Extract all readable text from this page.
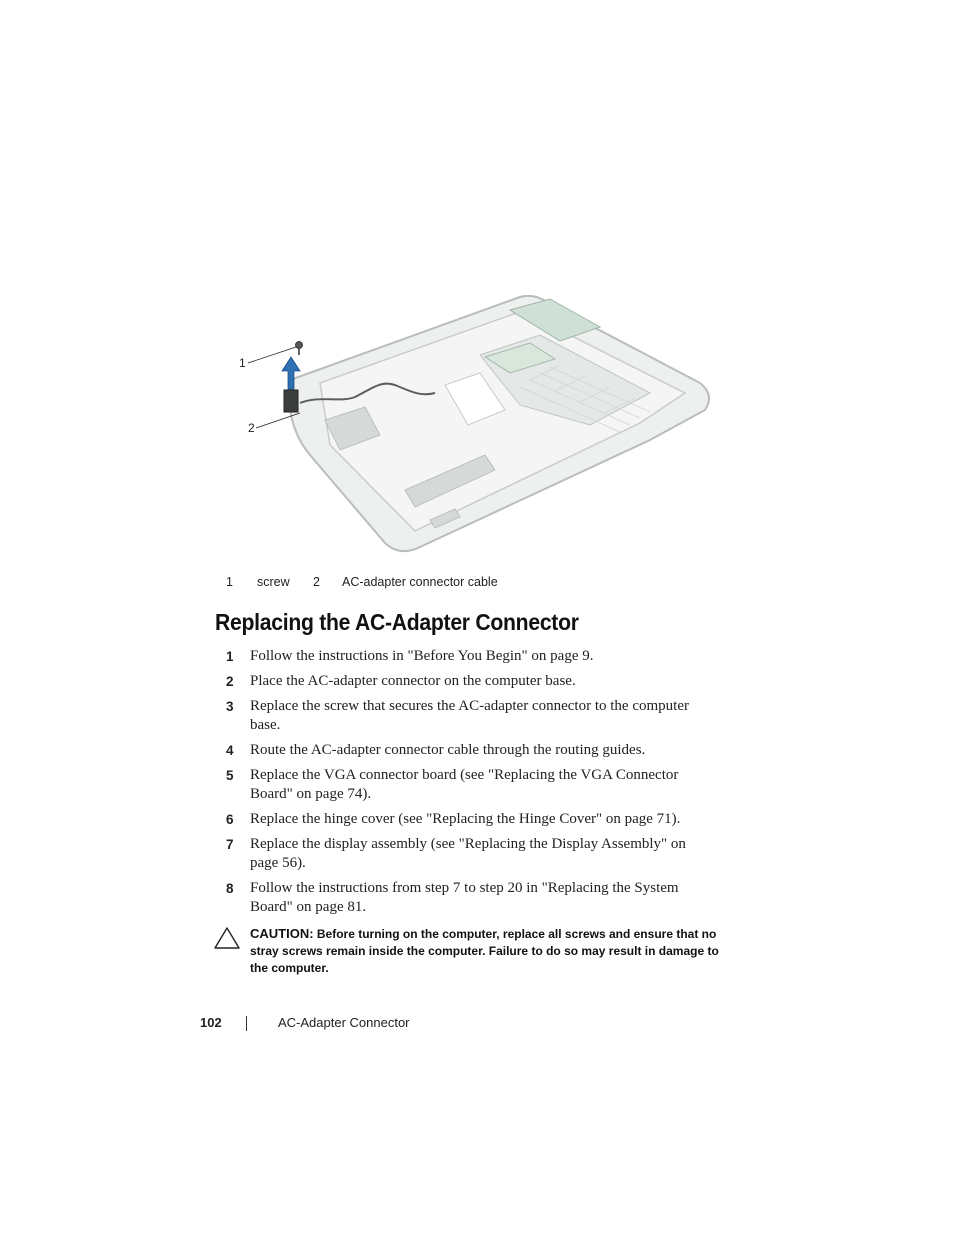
1
2
1 screw 2 AC-adapter connector cable
Replacing the AC-Adapter Connector
1 Follow the instructions in "Before You Begin" on page 9.
2 Place the AC-adapter connector on the computer base.
3 Replace the screw that secures the AC-adapter connector to the computer base.
4 Route the AC-adapter connector cable through the routing guides.
5 Replace the VGA connector board (see "Replacing the VGA Connector Board" on page 74).
6 Replace the hinge cover (see "Replacing the Hinge Cover" on page 71).
7 Replace the display assembly (see "Replacing the Display Assembly" on page 56).
8 Follow the instructions from step 7 to step 20 in "Replacing the System Board" on page 81.

CAUTION: Before turning on the computer, replace all screws and ensure that no stray screws remain inside the computer. Failure to do so may result in damage to the computer.

102	AC-Adapter Connector
